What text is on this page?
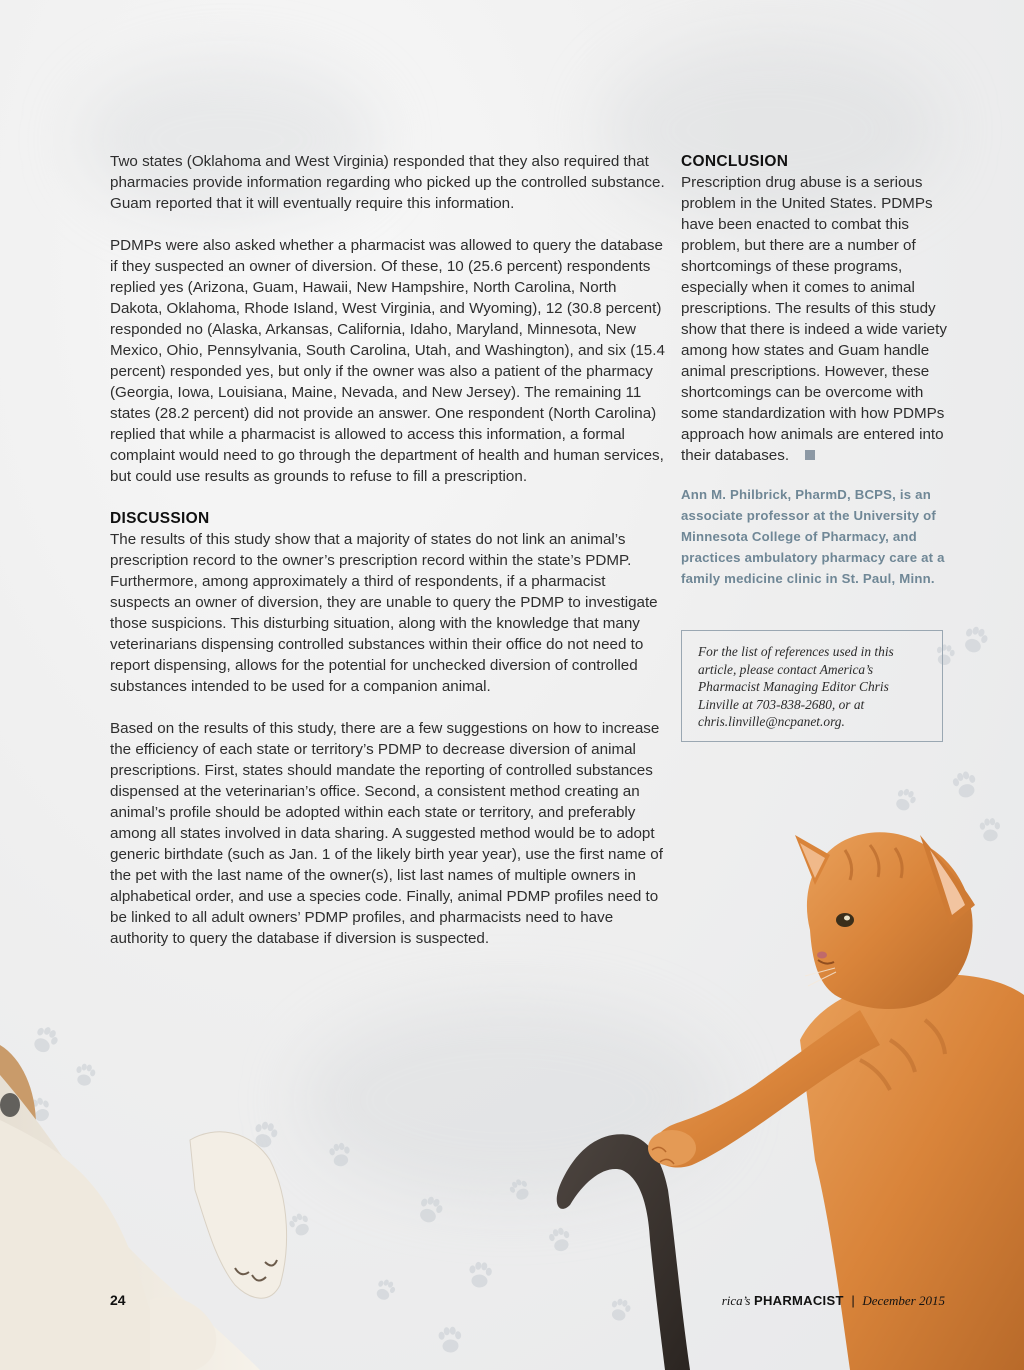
Two states (Oklahoma and West Virginia) responded that they also required that pharmacies provide information regarding who picked up the controlled substance. Guam reported that it will eventually require this information.

PDMPs were also asked whether a pharmacist was allowed to query the database if they suspected an owner of diversion. Of these, 10 (25.6 percent) respondents replied yes (Arizona, Guam, Hawaii, New Hampshire, North Carolina, North Dakota, Oklahoma, Rhode Island, West Virginia, and Wyoming), 12 (30.8 percent) responded no (Alaska, Arkansas, California, Idaho, Maryland, Minnesota, New Mexico, Ohio, Pennsylvania, South Carolina, Utah, and Washington), and six (15.4 percent) responded yes, but only if the owner was also a patient of the pharmacy (Georgia, Iowa, Louisiana, Maine, Nevada, and New Jersey). The remaining 11 states (28.2 percent) did not provide an answer. One respondent (North Carolina) replied that while a pharmacist is allowed to access this information, a formal complaint would need to go through the department of health and human services, but could use results as grounds to refuse to fill a prescription.

DISCUSSION

The results of this study show that a majority of states do not link an animal’s prescription record to the owner’s prescription record within the state’s PDMP. Furthermore, among approximately a third of respondents, if a pharmacist suspects an owner of diversion, they are unable to query the PDMP to investigate those suspicions. This disturbing situation, along with the knowledge that many veterinarians dispensing controlled substances within their office do not need to report dispensing, allows for the potential for unchecked diversion of controlled substances intended to be used for a companion animal.

Based on the results of this study, there are a few suggestions on how to increase the efficiency of each state or territory’s PDMP to decrease diversion of animal prescriptions. First, states should mandate the reporting of controlled substances dispensed at the veterinarian’s office. Second, a consistent method creating an animal’s profile should be adopted within each state or territory, and preferably among all states involved in data sharing. A suggested method would be to adopt generic birthdate (such as Jan. 1 of the likely birth year year), use the first name of the pet with the last name of the owner(s), list last names of multiple owners in alphabetical order, and use a species code. Finally, animal PDMP profiles need to be linked to all adult owners’ PDMP profiles, and pharmacists need to have authority to query the database if diversion is suspected.

CONCLUSION

Prescription drug abuse is a serious problem in the United States. PDMPs have been enacted to combat this problem, but there are a number of shortcomings of these programs, especially when it comes to animal prescriptions. The results of this study show that there is indeed a wide variety among how states and Guam handle animal prescriptions. However, these shortcomings can be overcome with some standardization with how PDMPs approach how animals are entered into their databases.

Ann M. Philbrick, PharmD, BCPS, is an associate professor at the University of Minnesota College of Pharmacy, and practices ambulatory pharmacy care at a family medicine clinic in St. Paul, Minn.
For the list of references used in this article, please contact America’s Pharmacist Managing Editor Chris Linville at 703-838-2680, or at chris.linville@ncpanet.org.
24	rica’s PHARMACIST | December 2015
